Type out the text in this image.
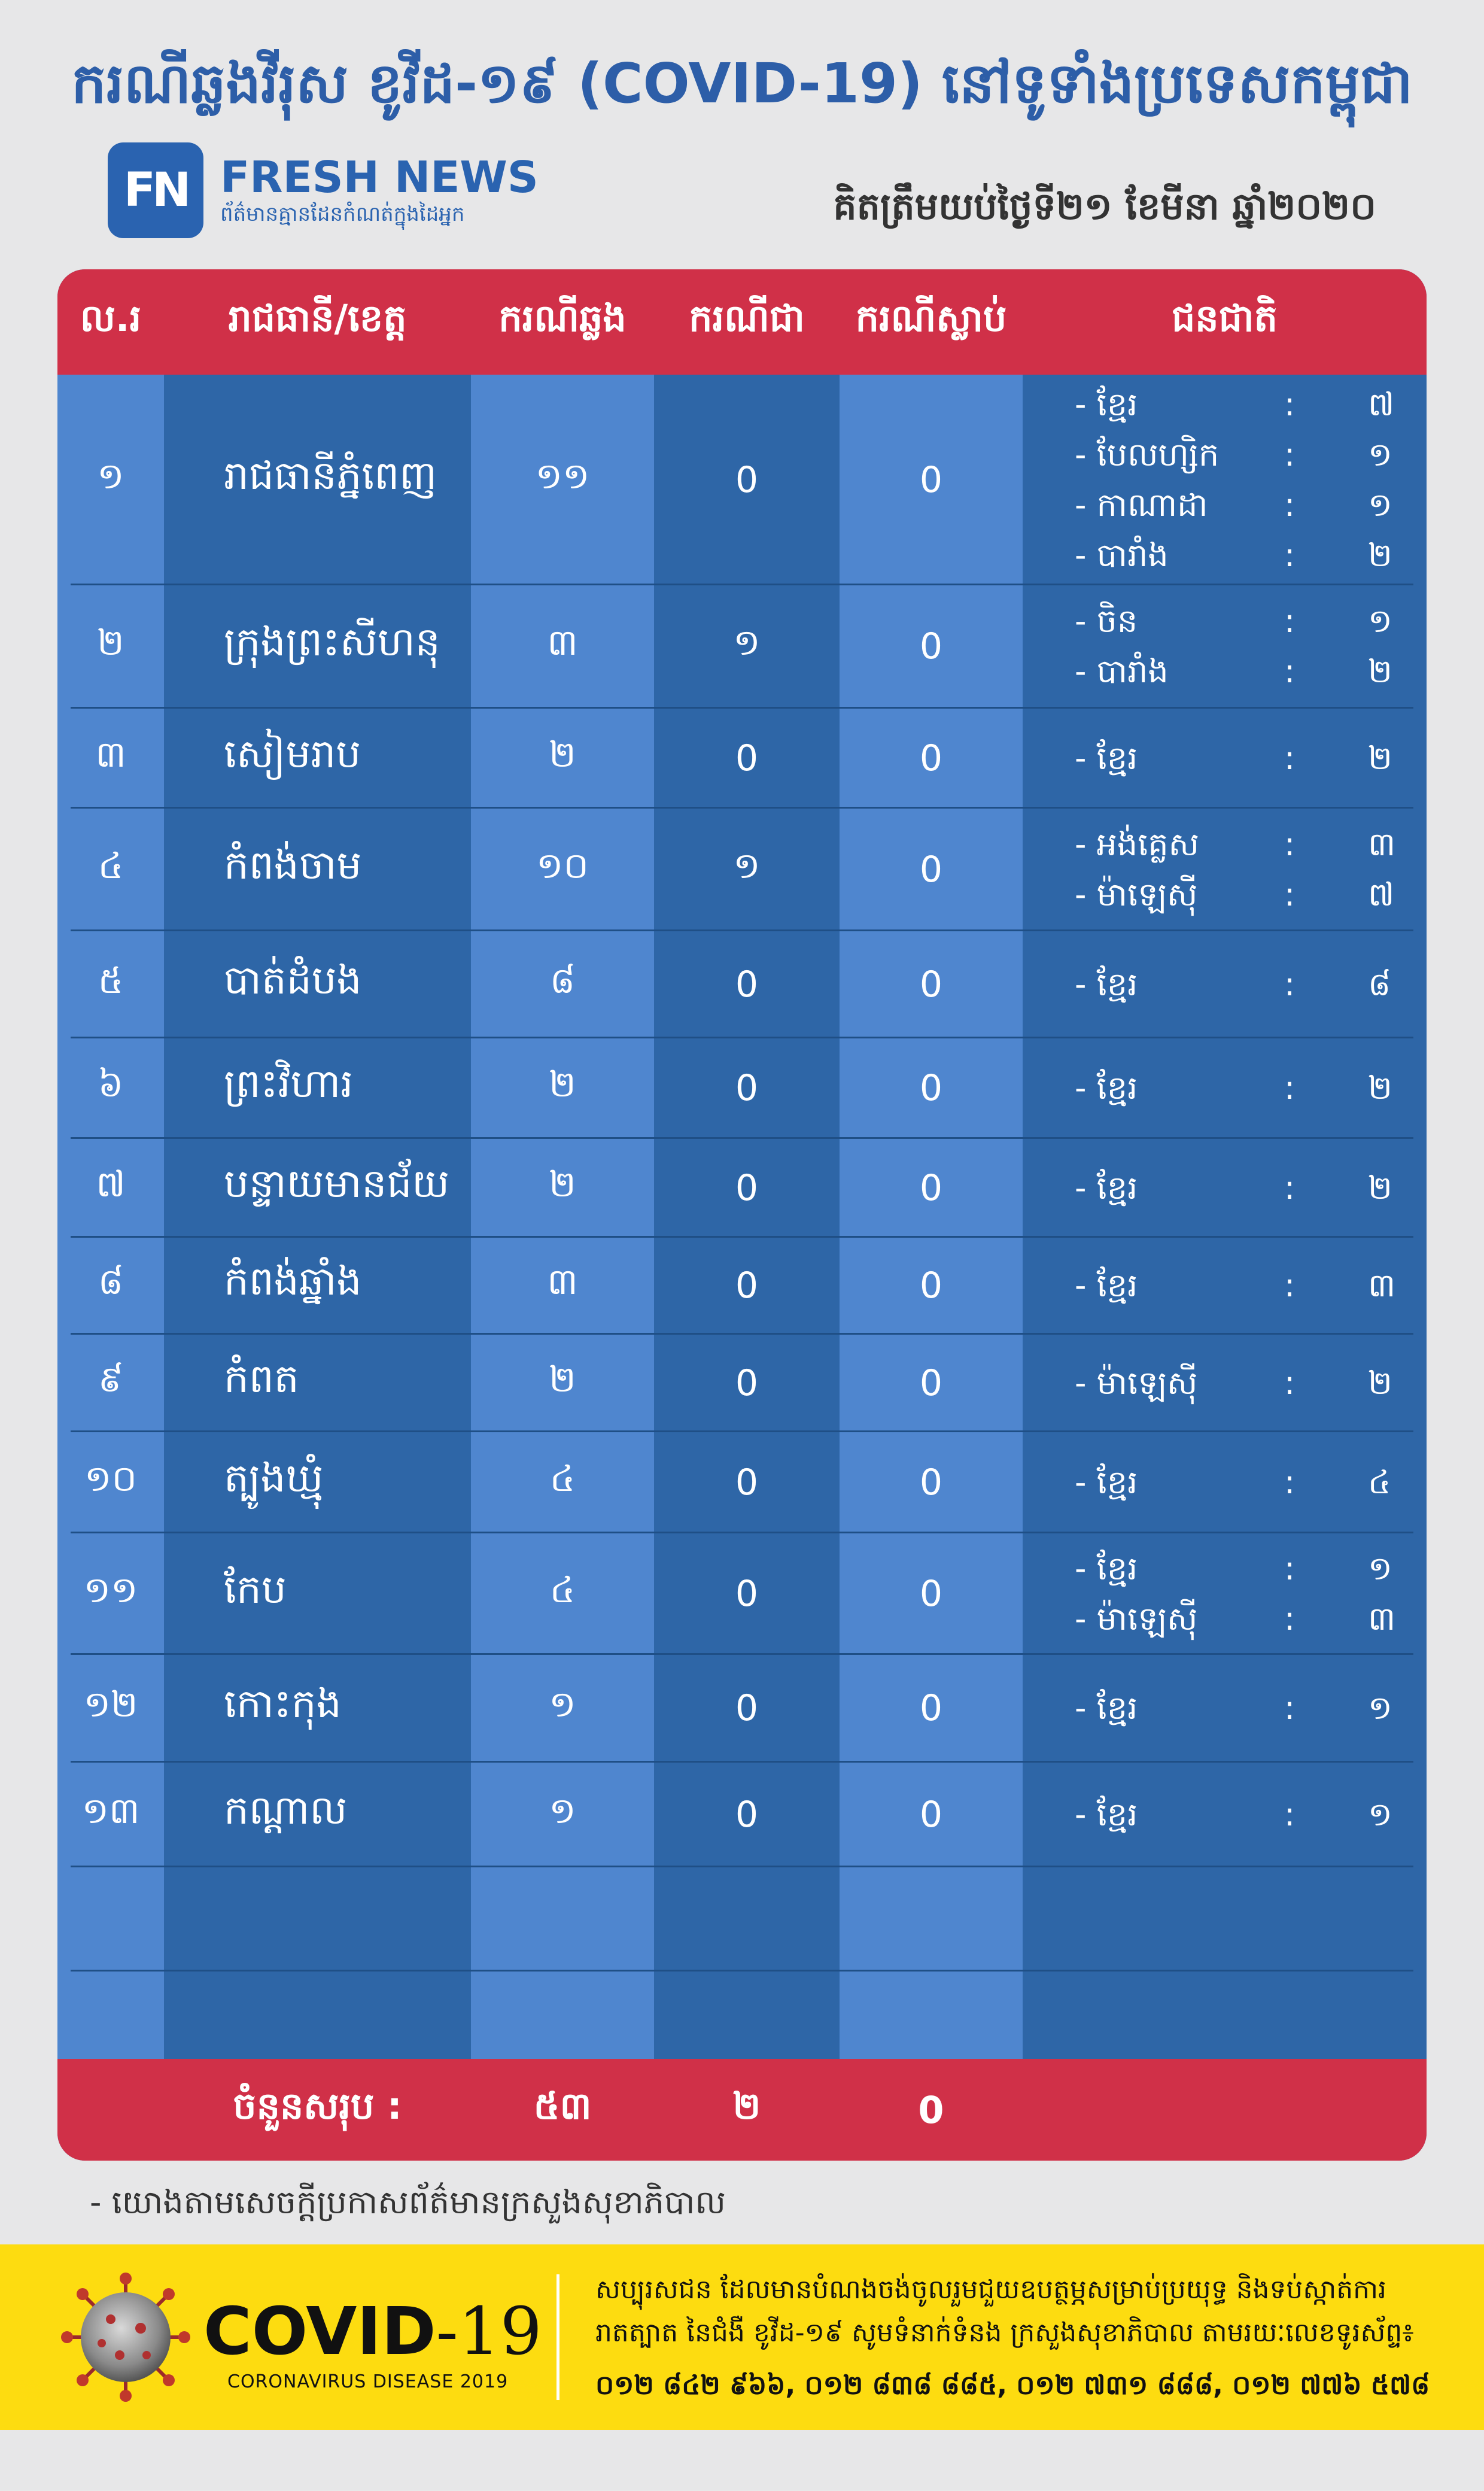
ករណីឆ្លងវីរុស ខូវីដ-១៩ (COVID-19) នៅទូទាំងប្រទេសកម្ពុជា
FN FRESH NEWS
ព័ត៌មានគ្មានដែនកំណត់ក្នុងដៃអ្នក	គិតត្រឹមយប់ថ្ងៃទី២១ ខែមីនា ឆ្នាំ២០២០
ល.រ	រាជធានី/ខេត្ត	ករណីឆ្លង	ករណីជា	ករណីស្លាប់	ជនជាតិ
១	រាជធានីភ្នំពេញ	១១	0	0
- ខ្មែរ	: ៧
- បែលហ្សិក : ១
- កាណាដា : ១
- បារាំង	: ២
២	ក្រុងព្រះសីហនុ	៣	១	0
- ចិន	: ១
- បារាំង	: ២
៣	សៀមរាប	២	0	0	- ខ្មែរ	: ២
៤	កំពង់ចាម	១០	១	0
- អង់គ្លេស	: ៣
- ម៉ាឡេស៊ី	: ៧
៥	បាត់ដំបង	៨	0	0	- ខ្មែរ	: ៨
៦	ព្រះវិហារ	២	0	0	- ខ្មែរ	: ២
៧	បន្ទាយមានជ័យ	២	0	0	- ខ្មែរ	: ២
៨	កំពង់ឆ្នាំង	៣	0	0	- ខ្មែរ	: ៣
៩	កំពត	២	0	0	- ម៉ាឡេស៊ី	: ២
១០	ត្បូងឃ្មុំ	៤	0	0	- ខ្មែរ	: ៤
១១	កែប	៤	0	0
- ខ្មែរ	: ១
- ម៉ាឡេស៊ី	: ៣
១២	កោះកុង	១	0	0	- ខ្មែរ	: ១
១៣	កណ្តាល	១	0	0	- ខ្មែរ	: ១
ចំនួនសរុប :	៥៣	២	0
- យោងតាមសេចក្ដីប្រកាសព័ត៌មានក្រសួងសុខាភិបាល
COVID-19
CORONAVIRUS DISEASE 2019
សប្បុរសជន ដែលមានបំណងចង់ចូលរួមជួយឧបត្ថម្ភសម្រាប់ប្រយុទ្ធ និងទប់ស្កាត់ការរាតត្បាត នៃជំងឺ ខូវីដ-១៩ សូមទំនាក់ទំនង ក្រសួងសុខាភិបាល តាមរយៈលេខទូរស័ព្ទ៖
០១២ ៨៤២ ៩៦៦, ០១២ ៨៣៨ ៨៨៥, ០១២ ៧៣១ ៨៨៨, ០១២ ៧៧៦ ៥៧៨
